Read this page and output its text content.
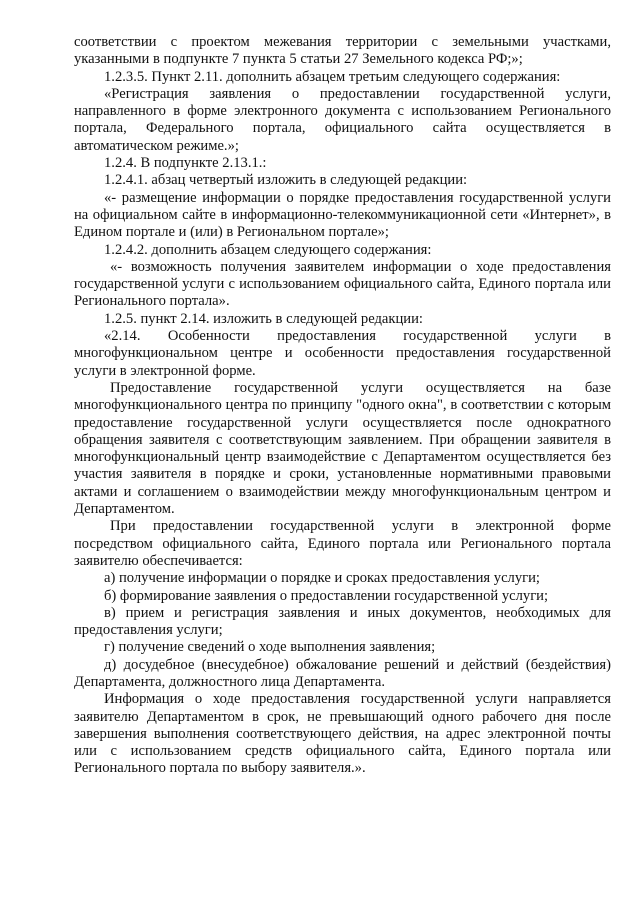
соответствии с проектом межевания территории с земельными участками, указанными в подпункте 7 пункта 5 статьи 27 Земельного кодекса РФ;»;

1.2.3.5. Пункт 2.11. дополнить абзацем третьим следующего содержания:

«Регистрация заявления о предоставлении государственной услуги, направленного в форме электронного документа с использованием Регионального портала, Федерального портала, официального сайта осуществляется в автоматическом режиме.»;

1.2.4. В подпункте 2.13.1.:

1.2.4.1. абзац четвертый изложить в следующей редакции:

«- размещение информации о порядке предоставления государственной услуги на официальном сайте в информационно-телекоммуникационной сети «Интернет», в Едином портале и (или) в Региональном портале»;

1.2.4.2. дополнить абзацем следующего содержания:

«- возможность получения заявителем информации о ходе предоставления государственной услуги с использованием официального сайта, Единого портала или Регионального портала».

1.2.5. пункт 2.14. изложить в следующей редакции:

«2.14. Особенности предоставления государственной услуги в многофункциональном центре и особенности предоставления государственной услуги в электронной форме.

Предоставление государственной услуги осуществляется на базе многофункционального центра по принципу "одного окна", в соответствии с которым предоставление государственной услуги осуществляется после однократного обращения заявителя с соответствующим заявлением. При обращении заявителя в многофункциональный центр взаимодействие с Департаментом осуществляется без участия заявителя в порядке и сроки, установленные нормативными правовыми актами и соглашением о взаимодействии между многофункциональным центром и Департаментом.

При предоставлении государственной услуги в электронной форме посредством официального сайта, Единого портала или Регионального портала заявителю обеспечивается:

а) получение информации о порядке и сроках предоставления услуги;

б) формирование заявления о предоставлении государственной услуги;

в) прием и регистрация заявления и иных документов, необходимых для предоставления услуги;

г) получение сведений о ходе выполнения заявления;

д) досудебное (внесудебное) обжалование решений и действий (бездействия) Департамента, должностного лица Департамента.

Информация о ходе предоставления государственной услуги направляется заявителю Департаментом в срок, не превышающий одного рабочего дня после завершения выполнения соответствующего действия, на адрес электронной почты или с использованием средств официального сайта, Единого портала или Регионального портала по выбору заявителя.».
